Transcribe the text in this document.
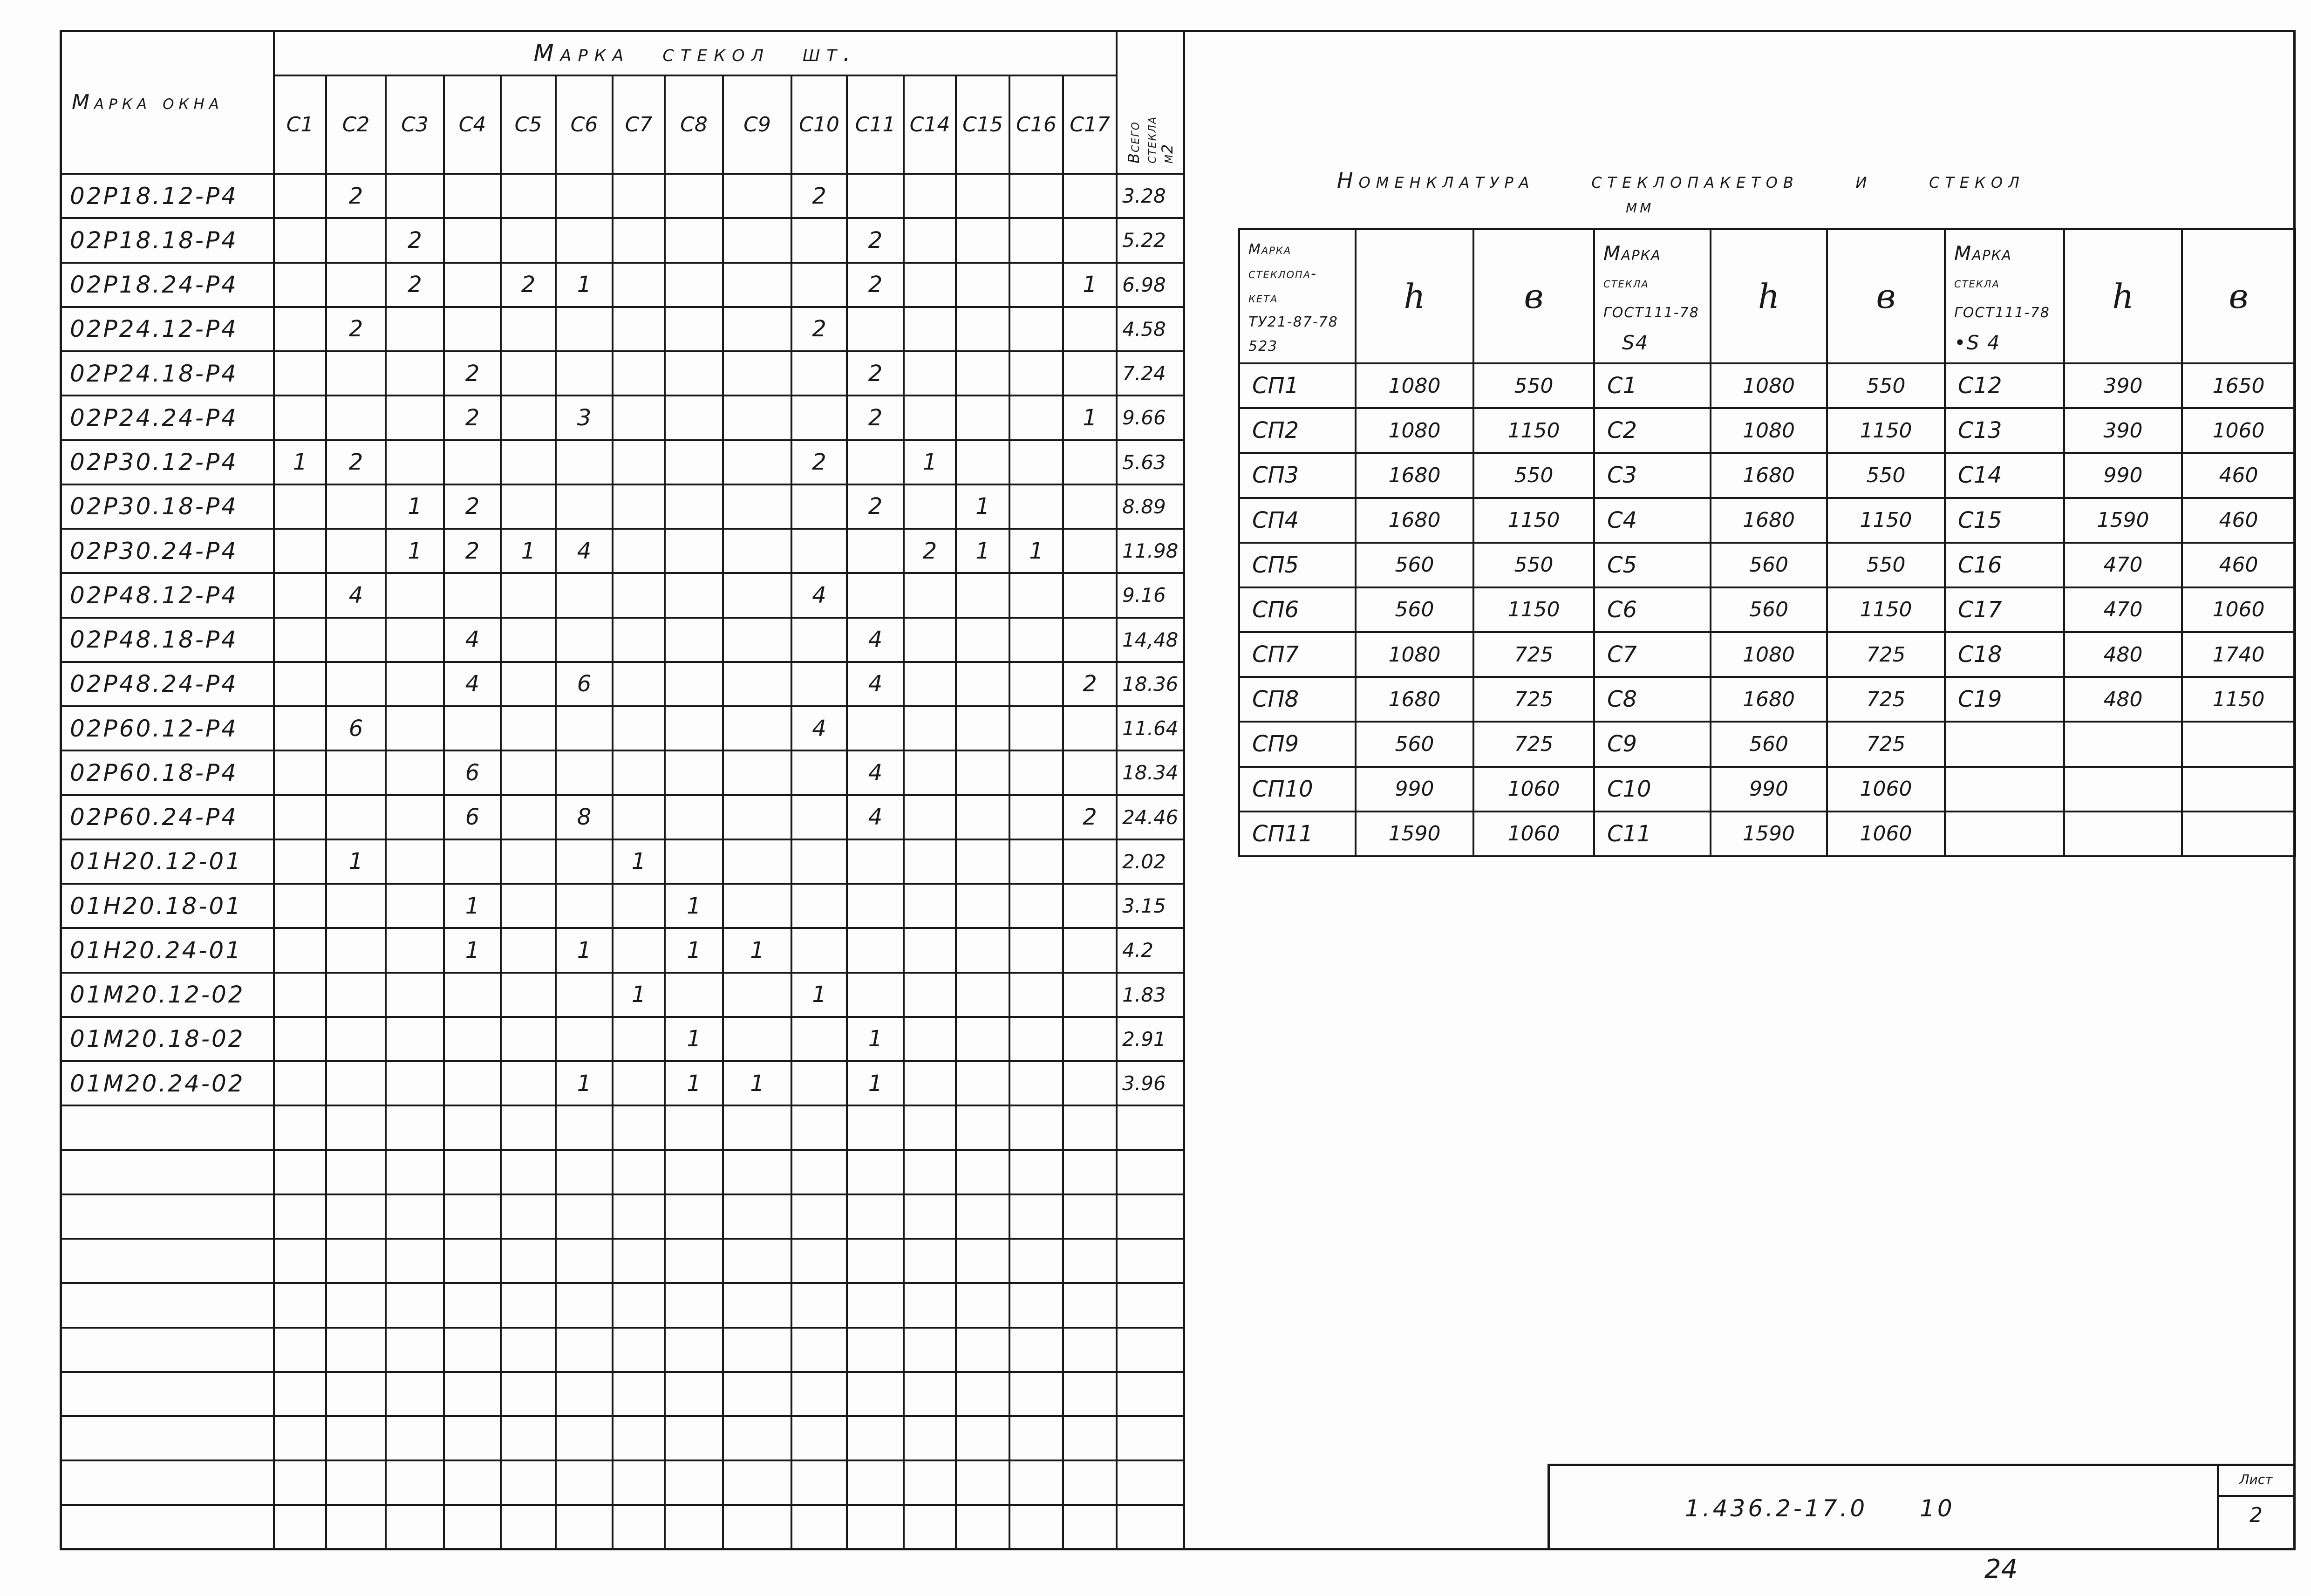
Марка окна	Марка стекол шт.															Всего
стекла
м2

	С1	С2	С3	С4	С5	С6	С7	С8	С9	С10	С11	С14	С15	С16	С17	
02Р18.12-Р4		2								2						3.28
02Р18.18-Р4			2								2					5.22
02Р18.24-Р4			2		2	1					2				1	6.98
02Р24.12-Р4		2								2						4.58
02Р24.18-Р4				2							2					7.24
02Р24.24-Р4				2		3					2				1	9.66
02Р30.12-Р4	1	2								2		1				5.63
02Р30.18-Р4			1	2							2		1			8.89
02Р30.24-Р4			1	2	1	4						2	1	1		11.98
02Р48.12-Р4		4								4						9.16
02Р48.18-Р4				4							4					14,48
02Р48.24-Р4				4		6					4				2	18.36
02Р60.12-Р4		6								4						11.64
02Р60.18-Р4				6							4					18.34
02Р60.24-Р4				6		8					4				2	24.46
01Н20.12-01		1					1									2.02
01Н20.18-01				1				1								3.15
01Н20.24-01				1		1		1	1							4.2
01М20.12-02							1			1						1.83
01М20.18-02								1			1					2.91
01М20.24-02						1		1	1		1					3.96

Номенклатура стеклопакетов и стекол
мм
Марка
стеклопа-
кета
ТУ21-87-78
523	h	в	Марка
стекла
ГОСТ111-78
S4	h	в	Марка
стекла
ГОСТ111-78
•S 4	h	в
СП1	1080	550	С1	1080	550	С12	390	1650
СП2	1080	1150	С2	1080	1150	С13	390	1060
СП3	1680	550	С3	1680	550	С14	990	460
СП4	1680	1150	С4	1680	1150	С15	1590	460
СП5	560	550	С5	560	550	С16	470	460
СП6	560	1150	С6	560	1150	С17	470	1060
СП7	1080	725	С7	1080	725	С18	480	1740
СП8	1680	725	С8	1680	725	С19	480	1150
СП9	560	725	С9	560	725			
СП10	990	1060	С10	990	1060			
СП11	1590	1060	С11	1590	1060			
1.436.2-17.0 10
Лист
2
24
